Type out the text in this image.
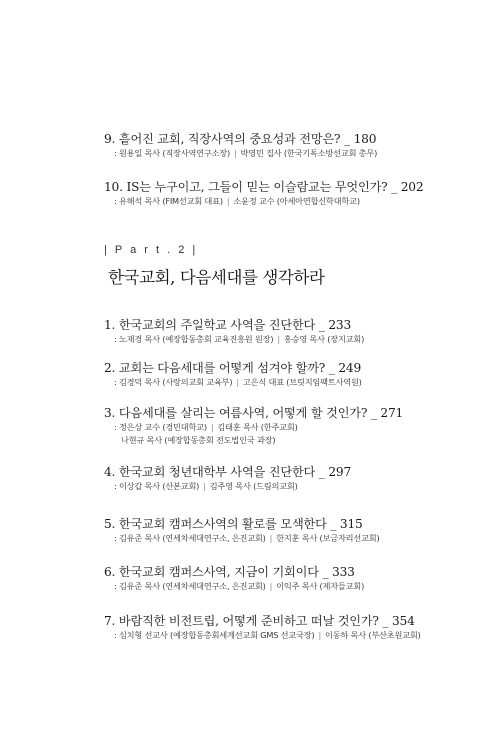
9. 흩어진 교회, 직장사역의 중요성과 전망은? _ 180
: 원용일 목사 (직장사역연구소장) | 박영민 집사 (한국기독소방선교회 총무)
10. IS는 누구이고, 그들이 믿는 이슬람교는 무엇인가? _ 202
: 유해석 목사 (FIM선교회 대표) | 소윤정 교수 (아세아연합신학대학교)
| P a r t . 2 |
한국교회, 다음세대를 생각하라
1. 한국교회의 주일학교 사역을 진단한다 _ 233
: 노재경 목사 (예장합동총회 교육진흥원 원장) | 홍승영 목사 (장지교회)
2. 교회는 다음세대를 어떻게 섬겨야 할까? _ 249
: 김경덕 목사 (사랑의교회 교육부) | 고은식 대표 (브릿지임팩트사역원)
3. 다음세대를 살리는 여름사역, 어떻게 할 것인가? _ 271
: 정은상 교수 (경민대학교) | 김태훈 목사 (한주교회)
나현규 목사 (예장합동총회 전도법인국 과장)
4. 한국교회 청년대학부 사역을 진단한다 _ 297
: 이상갑 목사 (산본교회) | 김주영 목사 (드림의교회)
5. 한국교회 캠퍼스사역의 활로를 모색한다 _ 315
: 김유준 목사 (연세차세대연구소, 은진교회) | 한지훈 목사 (보금자리선교회)
6. 한국교회 캠퍼스사역, 지금이 기회이다 _ 333
: 김유준 목사 (연세차세대연구소, 은진교회) | 이익주 목사 (제자들교회)
7. 바람직한 비전트립, 어떻게 준비하고 떠날 것인가? _ 354
: 심치형 선교사 (예장합동총회세계선교회 GMS 선교국장) | 이동하 목사 (부산초원교회)
